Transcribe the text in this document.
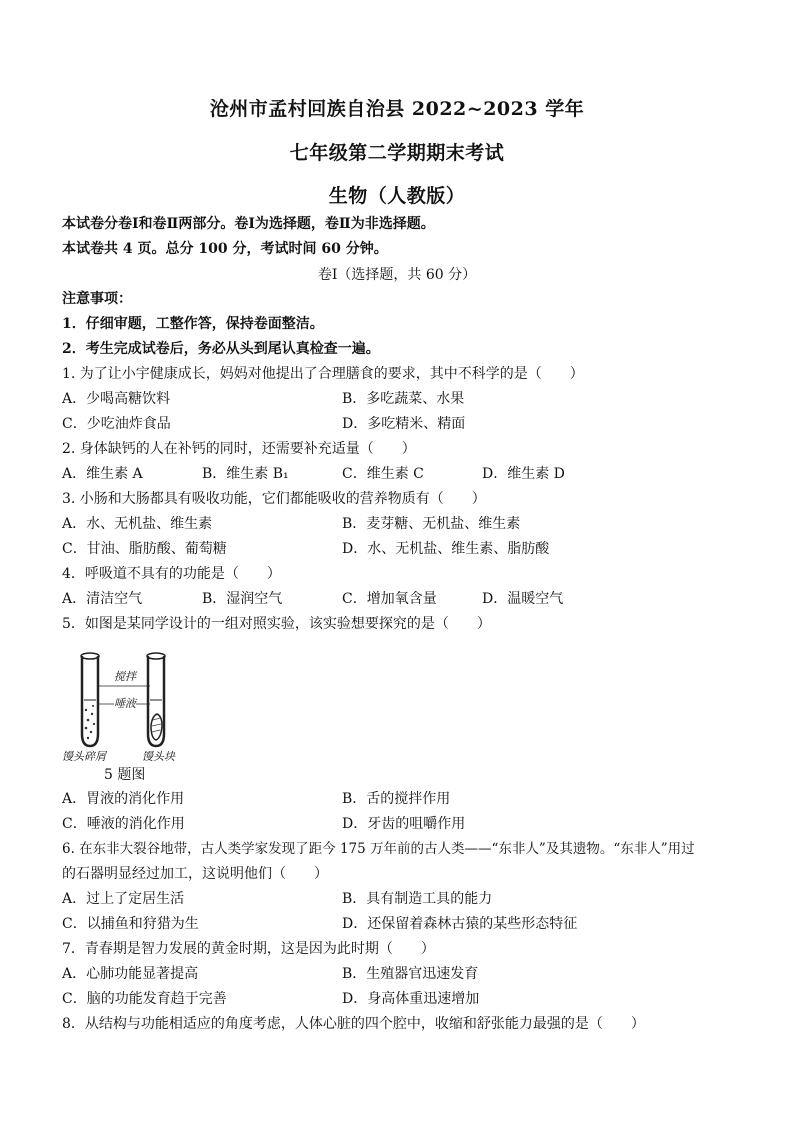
沧州市孟村回族自治县 2022~2023 学年
七年级第二学期期末考试
生物（人教版）
本试卷分卷Ⅰ和卷Ⅱ两部分。卷Ⅰ为选择题，卷Ⅱ为非选择题。
本试卷共 4 页。总分 100 分，考试时间 60 分钟。
卷Ⅰ（选择题，共 60 分）
注意事项：
1．仔细审题，工整作答，保持卷面整洁。
2．考生完成试卷后，务必从头到尾认真检查一遍。
1. 为了让小宇健康成长，妈妈对他提出了合理膳食的要求，其中不科学的是（　　）
A．少喝高糖饮料	B．多吃蔬菜、水果
C．少吃油炸食品	D．多吃精米、精面
2. 身体缺钙的人在补钙的同时，还需要补充适量（　　）
A．维生素 A	B．维生素 B₁	C．维生素 C	D．维生素 D
3. 小肠和大肠都具有吸收功能，它们都能吸收的营养物质有（　　）
A．水、无机盐、维生素	B．麦芽糖、无机盐、维生素
C．甘油、脂肪酸、葡萄糖	D．水、无机盐、维生素、脂肪酸
4．呼吸道不具有的功能是（　　）
A．清洁空气	B．湿润空气	C．增加氧含量	D．温暖空气
5．如图是某同学设计的一组对照实验，该实验想要探究的是（　　）
搅拌
唾液
馒头碎屑	馒头块
5 题图
A．胃液的消化作用	B．舌的搅拌作用
C．唾液的消化作用	D．牙齿的咀嚼作用
6. 在东非大裂谷地带，古人类学家发现了距今 175 万年前的古人类——“东非人”及其遗物。“东非人”用过
的石器明显经过加工，这说明他们（　　）
A．过上了定居生活	B．具有制造工具的能力
C．以捕鱼和狩猎为生	D．还保留着森林古猿的某些形态特征
7．青春期是智力发展的黄金时期，这是因为此时期（　　）
A．心肺功能显著提高	B．生殖器官迅速发育
C．脑的功能发育趋于完善	D．身高体重迅速增加
8．从结构与功能相适应的角度考虑，人体心脏的四个腔中，收缩和舒张能力最强的是（　　）
